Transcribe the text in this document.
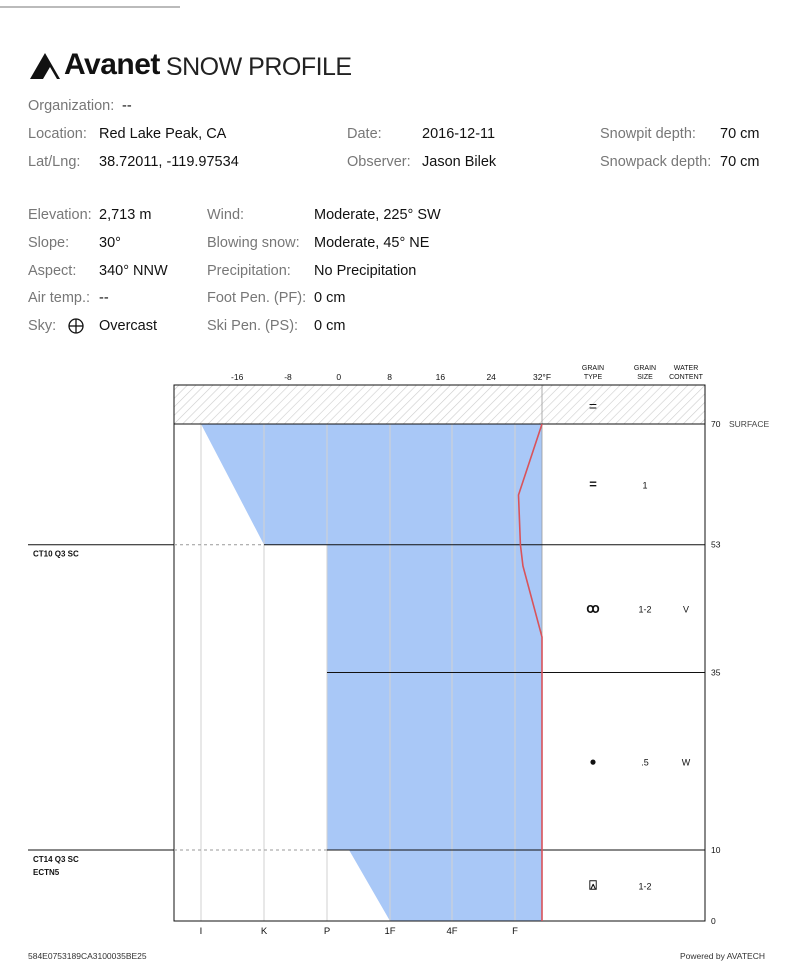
Avanet SNOW PROFILE
Organization: --
Location: Red Lake Peak, CA
Lat/Lng: 38.72011, -119.97534
Date:	2016-12-11
Observer: Jason Bilek
Snowpit depth: 70 cm
Snowpack depth: 70 cm
Elevation: 2,713 m
Slope: 30°
Aspect: 340° NNW
Air temp.: --
Sky:	Overcast
Wind:	Moderate, 225° SW
Blowing snow: Moderate, 45° NE
Precipitation: No Precipitation
Foot Pen. (PF): 0 cm
Ski Pen. (PS): 0 cm
53
35
10
70 SURFACE
0
-16	-8	0	8	16	24	32°F
I	K	P	1F	4F	F
GRAIN
TYPE
GRAIN
SIZE
WATER
CONTENT
=
=	1
ꝏ	1-2	V
●	.5	W
⍓	1-2
CT10 Q3 SC
CT14 Q3 SC
ECTN5
584E0753189CA3100035BE25	Powered by AVATECH
